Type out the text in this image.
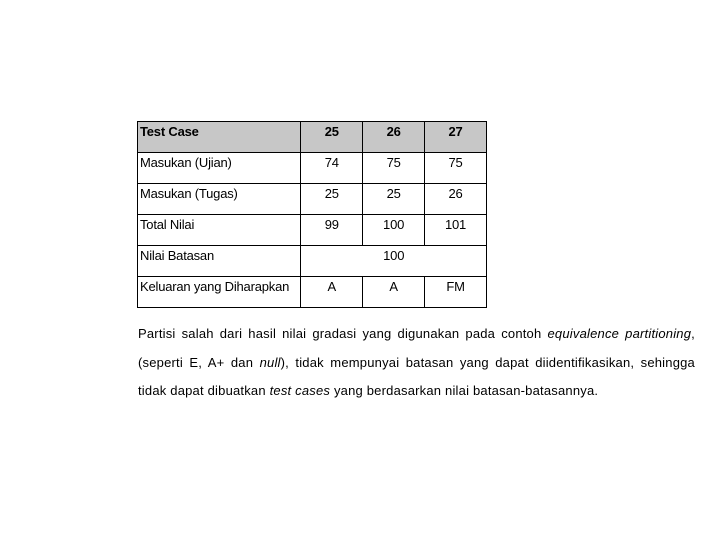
Test Case	25	26	27
Masukan (Ujian)	74	75	75
Masukan (Tugas)	25	25	26
Total Nilai	99	100	101
Nilai Batasan	100		
Keluaran yang Diharapkan	A	A	FM
Partisi salah dari hasil nilai gradasi yang digunakan pada contoh equivalence partitioning,
(seperti E, A+ dan null), tidak mempunyai batasan yang dapat diidentifikasikan, sehingga
tidak dapat dibuatkan test cases yang berdasarkan nilai batasan-batasannya.
